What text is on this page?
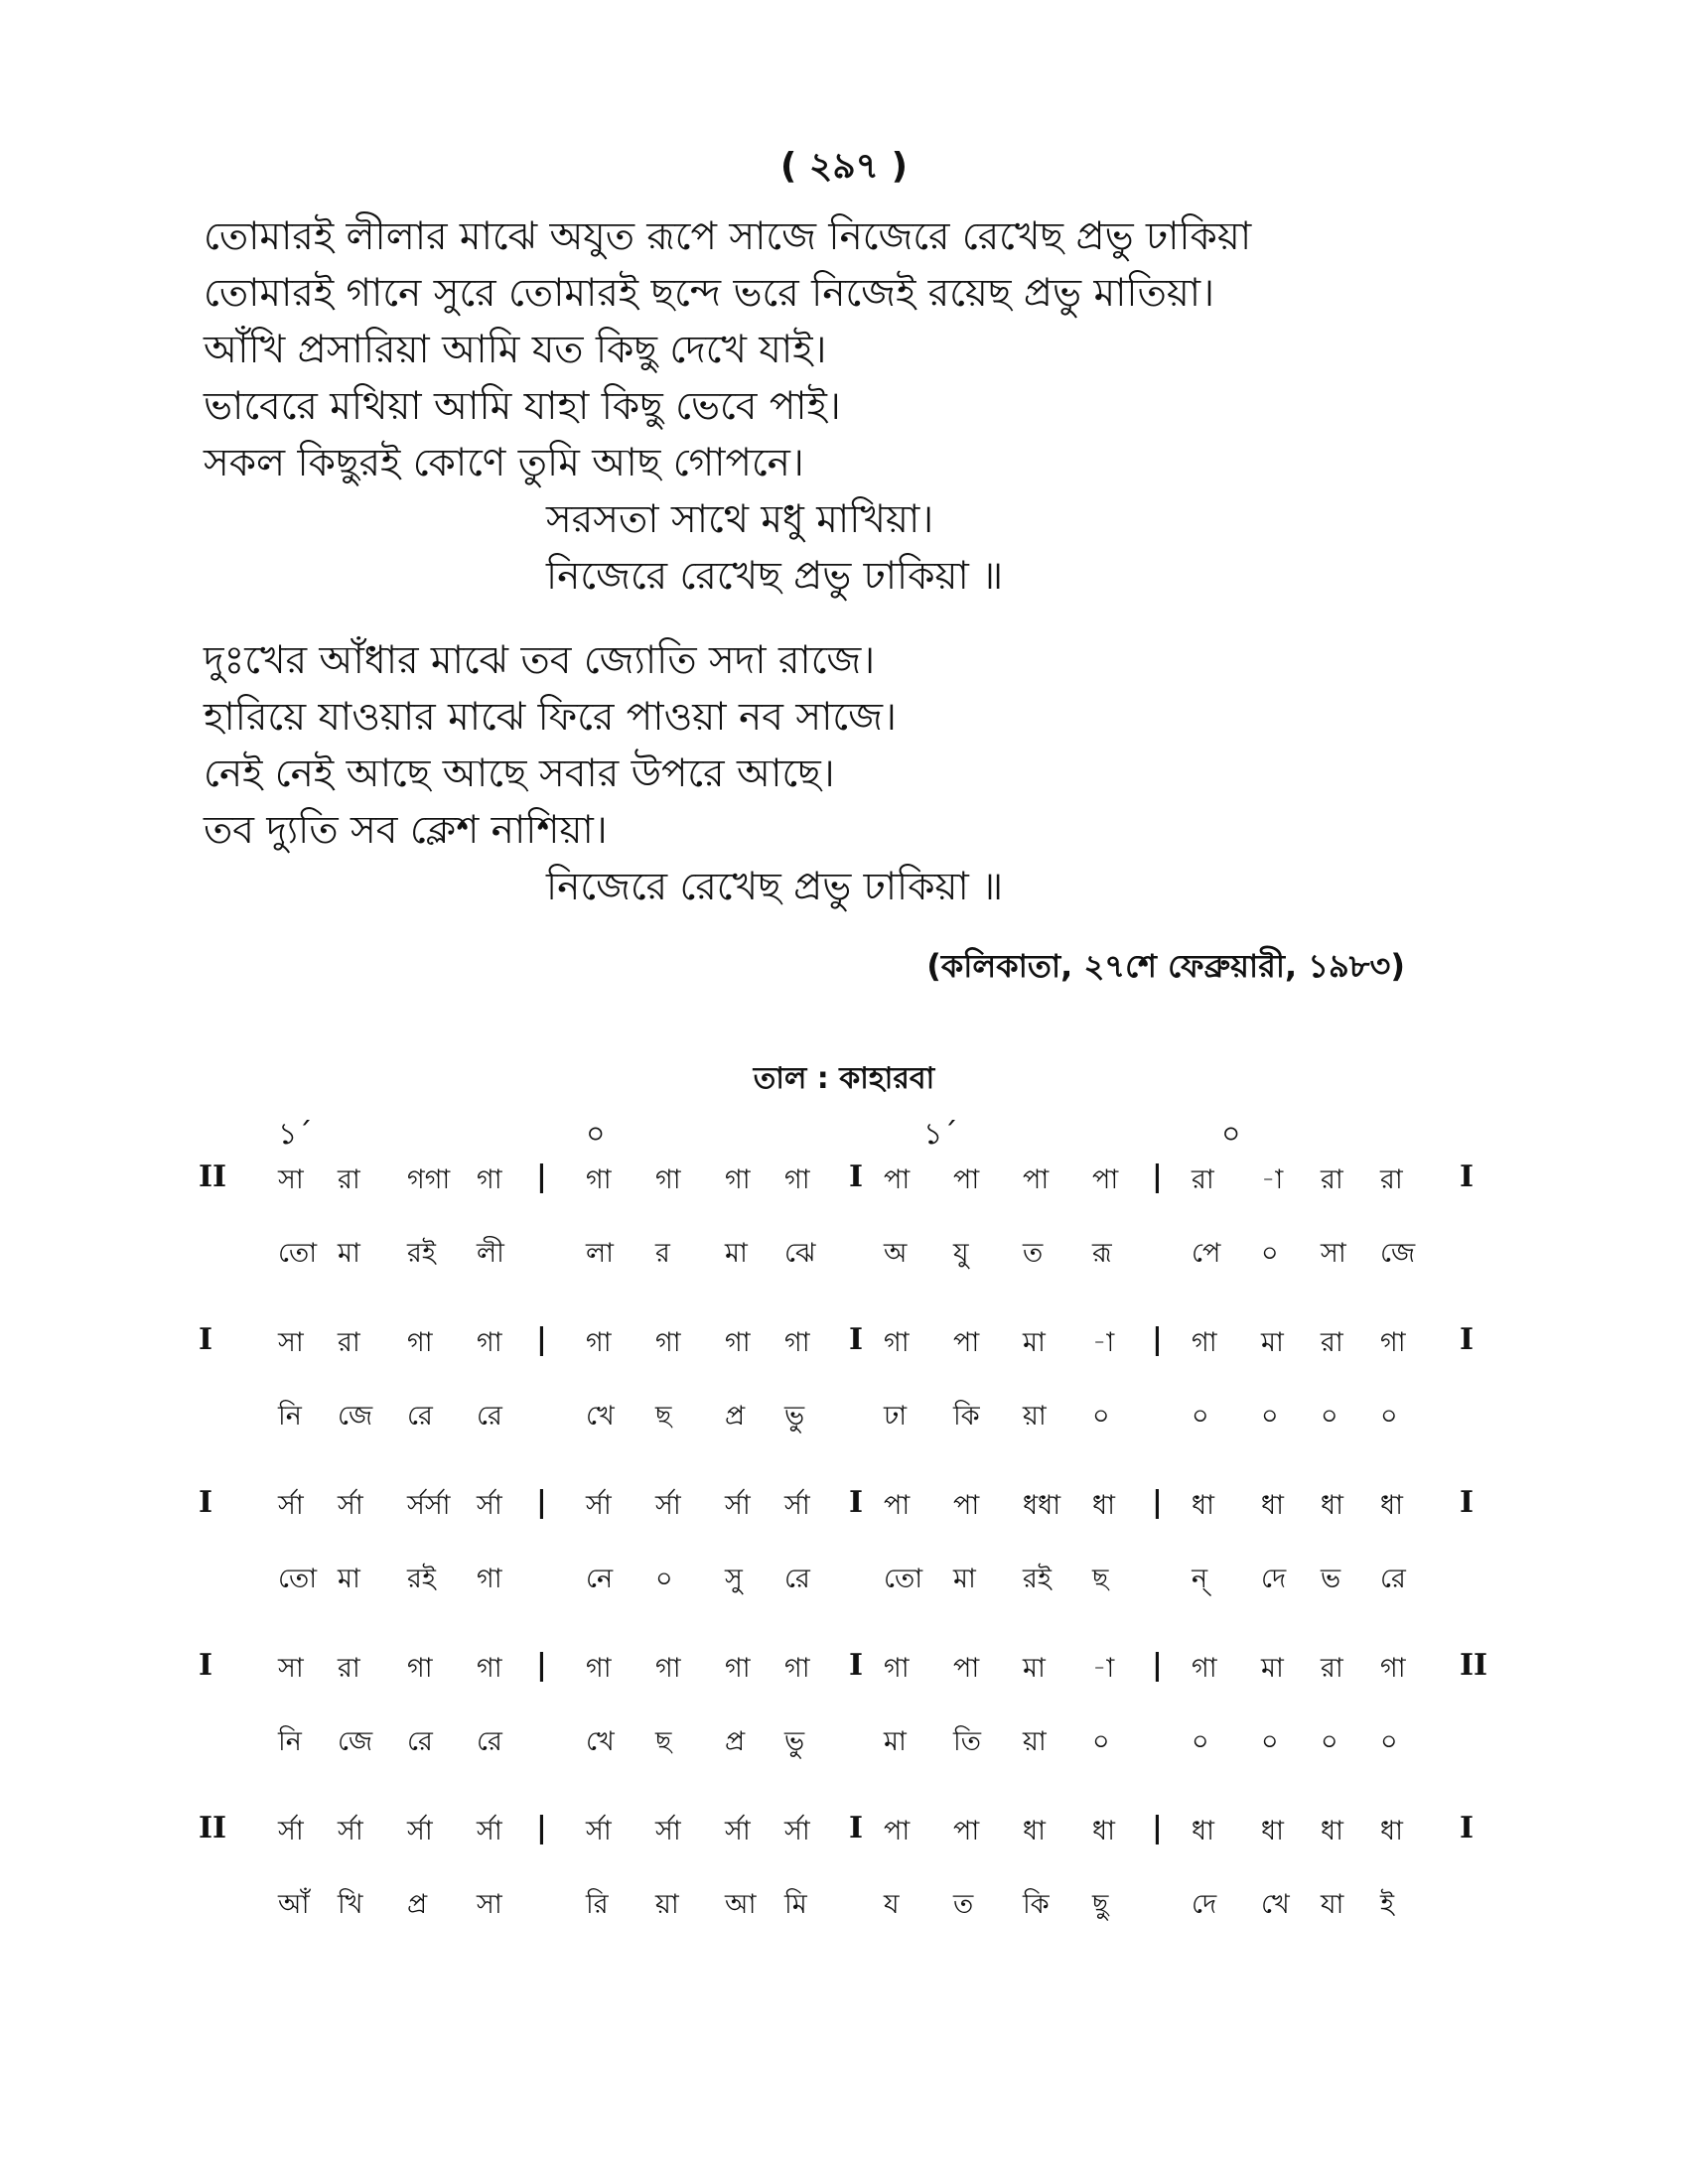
( ২৯৭ )
তোমারই লীলার মাঝে অযুত রূপে সাজে নিজেরে রেখেছ প্রভু ঢাকিয়া
তোমারই গানে সুরে তোমারই ছন্দে ভরে নিজেই রয়েছ প্রভু মাতিয়া।
আঁখি প্রসারিয়া আমি যত কিছু দেখে যাই।
ভাবেরে মথিয়া আমি যাহা কিছু ভেবে পাই।
সকল কিছুরই কোণে তুমি আছ গোপনে।
সরসতা সাথে মধু মাখিয়া।
নিজেরে রেখেছ প্রভু ঢাকিয়া ॥
দুঃখের আঁধার মাঝে তব জ্যোতি সদা রাজে।
হারিয়ে যাওয়ার মাঝে ফিরে পাওয়া নব সাজে।
নেই নেই আছে আছে সবার উপরে আছে।
তব দ্যুতি সব ক্লেশ নাশিয়া।
নিজেরে রেখেছ প্রভু ঢাকিয়া ॥
(কলিকাতা, ২৭শে ফেব্রুয়ারী, ১৯৮৩)
তাল : কাহারবা
১´	০	১´	০
II সা রা গগা গা | গা গা গা গা I পা পা পা পা | রা -া রা রা I
তো মা রই লী	লা র মা ঝে	অ যু ত রূ	পে ০ সা জে
I সা রা গা গা | গা গা গা গা I গা পা মা -া | গা মা রা গা I
নি জে রে রে	খে ছ প্র ভু	ঢা কি য়া ০	০ ০ ০ ০
I র্সা র্সা র্সর্সা র্সা | র্সা র্সা র্সা র্সা I পা পা ধধা ধা | ধা ধা ধা ধা I
তো মা রই গা	নে ০ সু রে	তো মা রই ছ	ন্ দে ভ রে
I সা রা গা গা | গা গা গা গা I গা পা মা -া | গা মা রা গা II
নি জে রে রে	খে ছ প্র ভু	মা তি য়া ০	০ ০ ০ ০
II র্সা র্সা র্সা র্সা | র্সা র্সা র্সা র্সা I পা পা ধা ধা | ধা ধা ধা ধা I
আঁ খি প্র সা	রি য়া আ মি	য ত কি ছু	দে খে যা ই
